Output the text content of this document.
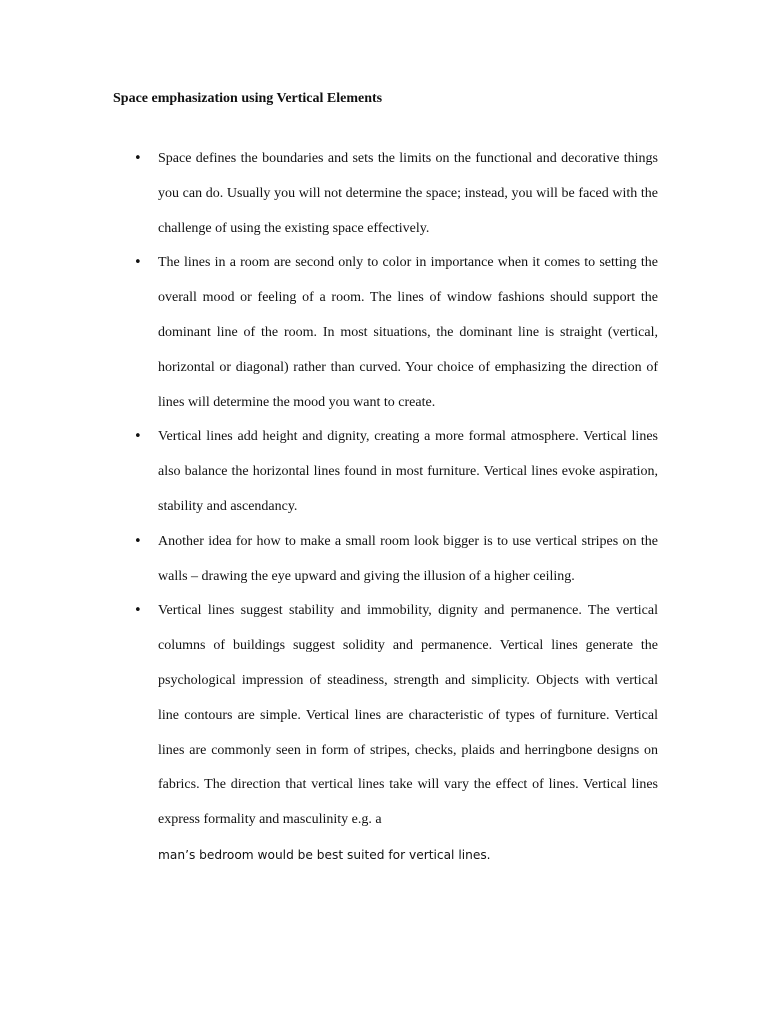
Space emphasization using Vertical Elements
• Space defines the boundaries and sets the limits on the functional and decorative things you can do. Usually you will not determine the space; instead, you will be faced with the challenge of using the existing space effectively.
• The lines in a room are second only to color in importance when it comes to setting the overall mood or feeling of a room. The lines of window fashions should support the dominant line of the room. In most situations, the dominant line is straight (vertical, horizontal or diagonal) rather than curved. Your choice of emphasizing the direction of lines will determine the mood you want to create.
• Vertical lines add height and dignity, creating a more formal atmosphere. Vertical lines also balance the horizontal lines found in most furniture. Vertical lines evoke aspiration, stability and ascendancy.
• Another idea for how to make a small room look bigger is to use vertical stripes on the walls – drawing the eye upward and giving the illusion of a higher ceiling.
• Vertical lines suggest stability and immobility, dignity and permanence. The vertical columns of buildings suggest solidity and permanence. Vertical lines generate the psychological impression of steadiness, strength and simplicity. Objects with vertical line contours are simple. Vertical lines are characteristic of types of furniture. Vertical lines are commonly seen in form of stripes, checks, plaids and herringbone designs on fabrics. The direction that vertical lines take will vary the effect of lines. Vertical lines express formality and masculinity e.g. a
man’s bedroom would be best suited for vertical lines.
